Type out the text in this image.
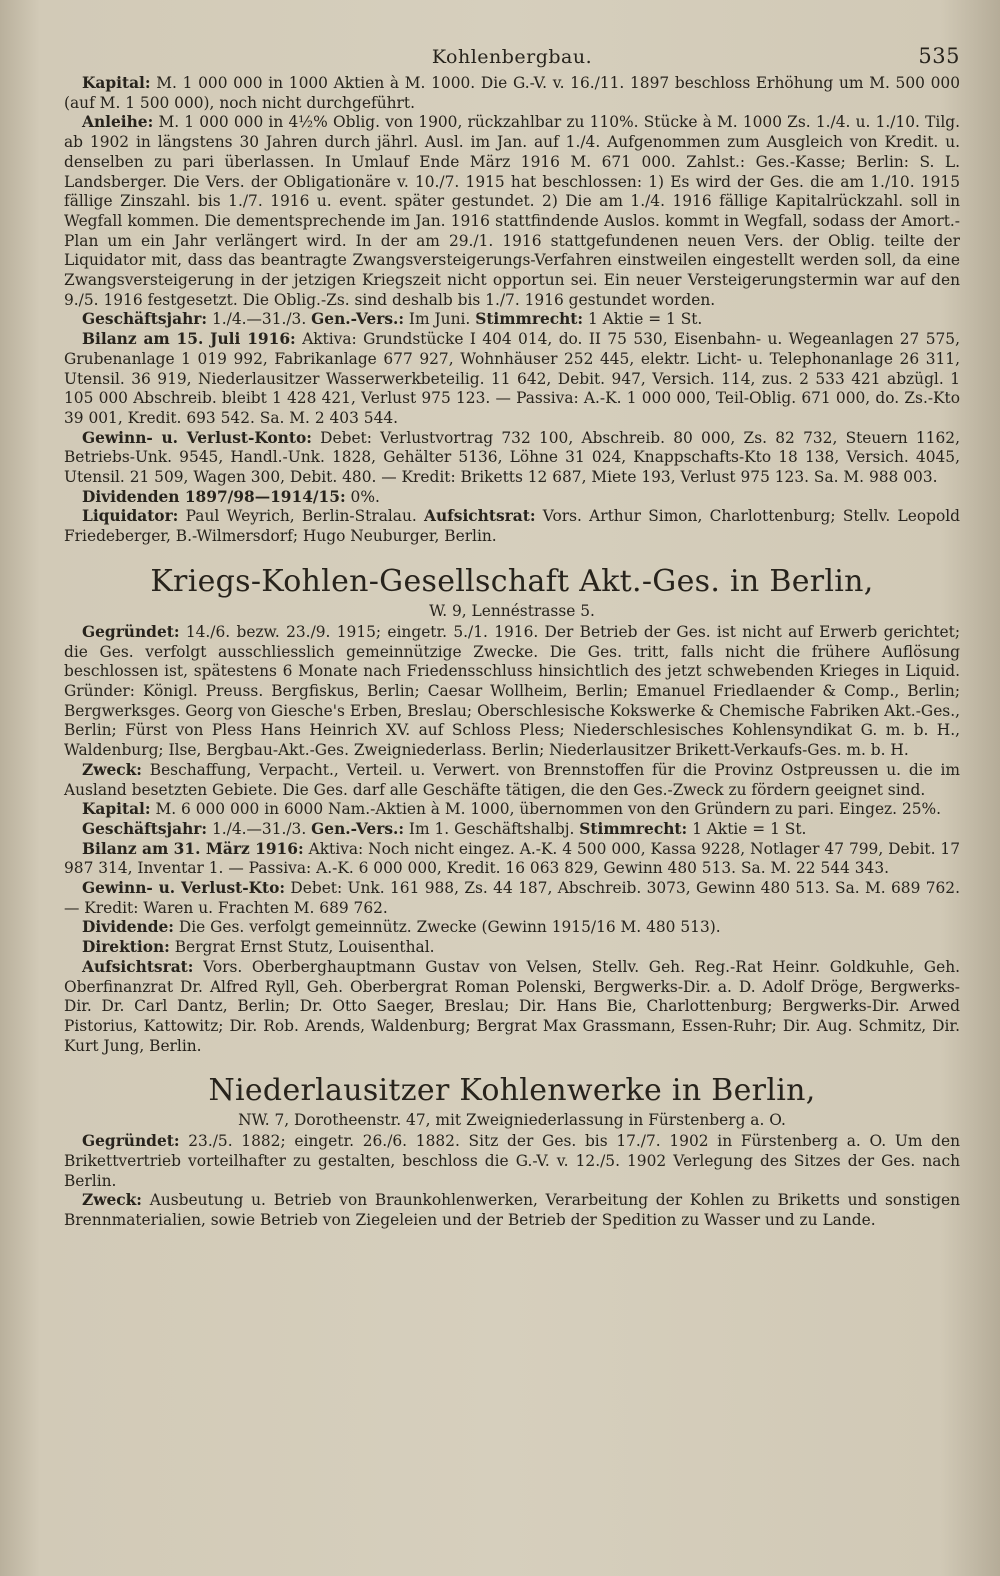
Kohlenbergbau.	535

Kapital: M. 1 000 000 in 1000 Aktien à M. 1000. Die G.-V. v. 16./11. 1897 beschloss Erhöhung um M. 500 000 (auf M. 1 500 000), noch nicht durchgeführt.

Anleihe: M. 1 000 000 in 4½% Oblig. von 1900, rückzahlbar zu 110%. Stücke à M. 1000 Zs. 1./4. u. 1./10. Tilg. ab 1902 in längstens 30 Jahren durch jährl. Ausl. im Jan. auf 1./4. Aufgenommen zum Ausgleich von Kredit. u. denselben zu pari überlassen. In Umlauf Ende März 1916 M. 671 000. Zahlst.: Ges.-Kasse; Berlin: S. L. Landsberger. Die Vers. der Obligationäre v. 10./7. 1915 hat beschlossen: 1) Es wird der Ges. die am 1./10. 1915 fällige Zinszahl. bis 1./7. 1916 u. event. später gestundet. 2) Die am 1./4. 1916 fällige Kapitalrückzahl. soll in Wegfall kommen. Die dementsprechende im Jan. 1916 stattfindende Auslos. kommt in Wegfall, sodass der Amort.-Plan um ein Jahr verlängert wird. In der am 29./1. 1916 stattgefundenen neuen Vers. der Oblig. teilte der Liquidator mit, dass das beantragte Zwangsversteigerungs-Verfahren einstweilen eingestellt werden soll, da eine Zwangsversteigerung in der jetzigen Kriegszeit nicht opportun sei. Ein neuer Versteigerungstermin war auf den 9./5. 1916 festgesetzt. Die Oblig.-Zs. sind deshalb bis 1./7. 1916 gestundet worden.

Geschäftsjahr: 1./4.—31./3. Gen.-Vers.: Im Juni. Stimmrecht: 1 Aktie = 1 St.

Bilanz am 15. Juli 1916: Aktiva: Grundstücke I 404 014, do. II 75 530, Eisenbahn- u. Wegeanlagen 27 575, Grubenanlage 1 019 992, Fabrikanlage 677 927, Wohnhäuser 252 445, elektr. Licht- u. Telephonanlage 26 311, Utensil. 36 919, Niederlausitzer Wasserwerkbeteilig. 11 642, Debit. 947, Versich. 114, zus. 2 533 421 abzügl. 1 105 000 Abschreib. bleibt 1 428 421, Verlust 975 123. — Passiva: A.-K. 1 000 000, Teil-Oblig. 671 000, do. Zs.-Kto 39 001, Kredit. 693 542. Sa. M. 2 403 544.

Gewinn- u. Verlust-Konto: Debet: Verlustvortrag 732 100, Abschreib. 80 000, Zs. 82 732, Steuern 1162, Betriebs-Unk. 9545, Handl.-Unk. 1828, Gehälter 5136, Löhne 31 024, Knappschafts-Kto 18 138, Versich. 4045, Utensil. 21 509, Wagen 300, Debit. 480. — Kredit: Briketts 12 687, Miete 193, Verlust 975 123. Sa. M. 988 003.

Dividenden 1897/98—1914/15: 0%.

Liquidator: Paul Weyrich, Berlin-Stralau. Aufsichtsrat: Vors. Arthur Simon, Charlottenburg; Stellv. Leopold Friedeberger, B.-Wilmersdorf; Hugo Neuburger, Berlin.

Kriegs-Kohlen-Gesellschaft Akt.-Ges. in Berlin,
W. 9, Lennéstrasse 5.

Gegründet: 14./6. bezw. 23./9. 1915; eingetr. 5./1. 1916. Der Betrieb der Ges. ist nicht auf Erwerb gerichtet; die Ges. verfolgt ausschliesslich gemeinnützige Zwecke. Die Ges. tritt, falls nicht die frühere Auflösung beschlossen ist, spätestens 6 Monate nach Friedensschluss hinsichtlich des jetzt schwebenden Krieges in Liquid. Gründer: Königl. Preuss. Bergfiskus, Berlin; Caesar Wollheim, Berlin; Emanuel Friedlaender & Comp., Berlin; Bergwerksges. Georg von Giesche's Erben, Breslau; Oberschlesische Kokswerke & Chemische Fabriken Akt.-Ges., Berlin; Fürst von Pless Hans Heinrich XV. auf Schloss Pless; Niederschlesisches Kohlensyndikat G. m. b. H., Waldenburg; Ilse, Bergbau-Akt.-Ges. Zweigniederlass. Berlin; Niederlausitzer Brikett-Verkaufs-Ges. m. b. H.

Zweck: Beschaffung, Verpacht., Verteil. u. Verwert. von Brennstoffen für die Provinz Ostpreussen u. die im Ausland besetzten Gebiete. Die Ges. darf alle Geschäfte tätigen, die den Ges.-Zweck zu fördern geeignet sind.

Kapital: M. 6 000 000 in 6000 Nam.-Aktien à M. 1000, übernommen von den Gründern zu pari. Eingez. 25%.

Geschäftsjahr: 1./4.—31./3. Gen.-Vers.: Im 1. Geschäftshalbj. Stimmrecht: 1 Aktie = 1 St.

Bilanz am 31. März 1916: Aktiva: Noch nicht eingez. A.-K. 4 500 000, Kassa 9228, Notlager 47 799, Debit. 17 987 314, Inventar 1. — Passiva: A.-K. 6 000 000, Kredit. 16 063 829, Gewinn 480 513. Sa. M. 22 544 343.

Gewinn- u. Verlust-Kto: Debet: Unk. 161 988, Zs. 44 187, Abschreib. 3073, Gewinn 480 513. Sa. M. 689 762. — Kredit: Waren u. Frachten M. 689 762.

Dividende: Die Ges. verfolgt gemeinnütz. Zwecke (Gewinn 1915/16 M. 480 513).

Direktion: Bergrat Ernst Stutz, Louisenthal.

Aufsichtsrat: Vors. Oberberghauptmann Gustav von Velsen, Stellv. Geh. Reg.-Rat Heinr. Goldkuhle, Geh. Oberfinanzrat Dr. Alfred Ryll, Geh. Oberbergrat Roman Polenski, Bergwerks-Dir. a. D. Adolf Dröge, Bergwerks-Dir. Dr. Carl Dantz, Berlin; Dr. Otto Saeger, Breslau; Dir. Hans Bie, Charlottenburg; Bergwerks-Dir. Arwed Pistorius, Kattowitz; Dir. Rob. Arends, Waldenburg; Bergrat Max Grassmann, Essen-Ruhr; Dir. Aug. Schmitz, Dir. Kurt Jung, Berlin.

Niederlausitzer Kohlenwerke in Berlin,
NW. 7, Dorotheenstr. 47, mit Zweigniederlassung in Fürstenberg a. O.

Gegründet: 23./5. 1882; eingetr. 26./6. 1882. Sitz der Ges. bis 17./7. 1902 in Fürstenberg a. O. Um den Brikettvertrieb vorteilhafter zu gestalten, beschloss die G.-V. v. 12./5. 1902 Verlegung des Sitzes der Ges. nach Berlin.

Zweck: Ausbeutung u. Betrieb von Braunkohlenwerken, Verarbeitung der Kohlen zu Briketts und sonstigen Brennmaterialien, sowie Betrieb von Ziegeleien und der Betrieb der Spedition zu Wasser und zu Lande.
